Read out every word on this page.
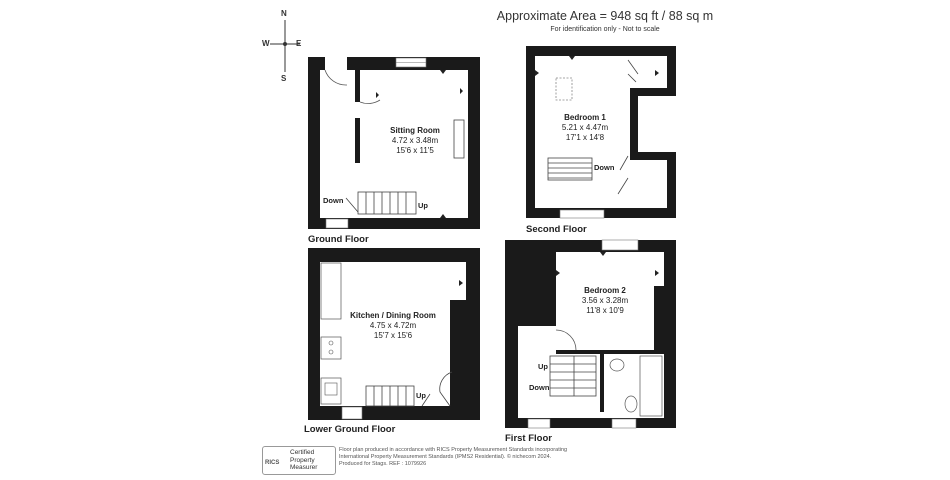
Approximate Area = 948 sq ft / 88 sq m
For identification only - Not to scale
N
S
W	E
Ground Floor
Second Floor
Lower Ground Floor
First Floor
Sitting Room
4.72 x 3.48m
15'6 x 11'5
Bedroom 1
5.21 x 4.47m
17'1 x 14'8
Kitchen / Dining Room
4.75 x 4.72m
15'7 x 15'6
Bedroom 2
3.56 x 3.28m
11'8 x 10'9
Down
Up
Down
Up
Up
Down
RICS
Certified
Property
Measurer
Floor plan produced in accordance with RICS Property Measurement Standards incorporating
International Property Measurement Standards (IPMS2 Residential). © nichecom 2024.
Produced for Stags. REF : 1079926
